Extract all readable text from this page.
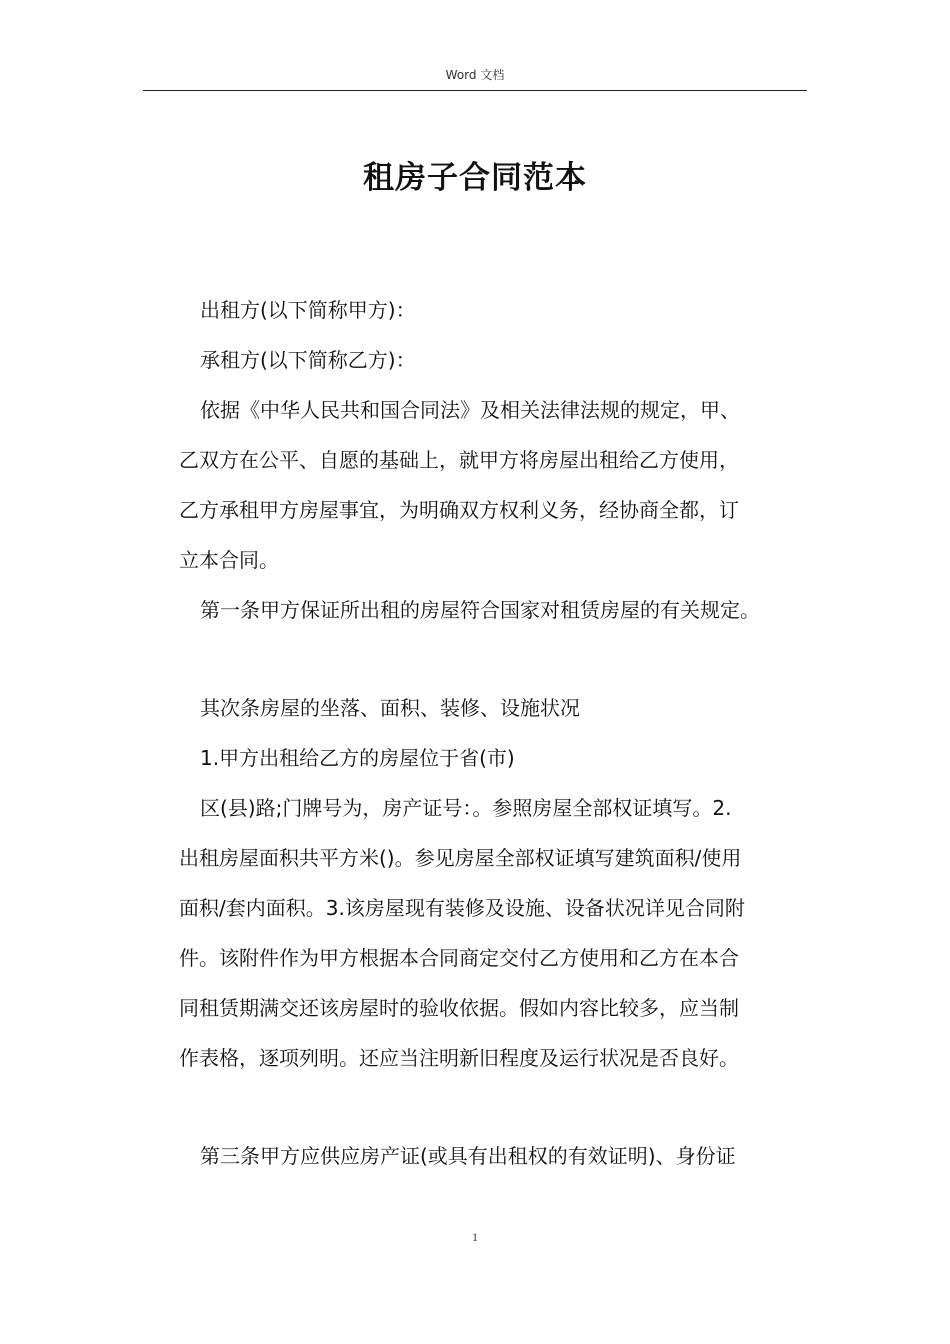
Word 文档
租房子合同范本
出租方(以下简称甲方)：
承租方(以下简称乙方)：
依据《中华人民共和国合同法》及相关法律法规的规定，甲、
乙双方在公平、自愿的基础上，就甲方将房屋出租给乙方使用，
乙方承租甲方房屋事宜，为明确双方权利义务，经协商全都，订
立本合同。
第一条甲方保证所出租的房屋符合国家对租赁房屋的有关规定。
其次条房屋的坐落、面积、装修、设施状况
1.甲方出租给乙方的房屋位于省(市)
区(县)路;门牌号为，房产证号：。参照房屋全部权证填写。2.
出租房屋面积共平方米()。参见房屋全部权证填写建筑面积/使用
面积/套内面积。3.该房屋现有装修及设施、设备状况详见合同附
件。该附件作为甲方根据本合同商定交付乙方使用和乙方在本合
同租赁期满交还该房屋时的验收依据。假如内容比较多，应当制
作表格，逐项列明。还应当注明新旧程度及运行状况是否良好。
第三条甲方应供应房产证(或具有出租权的有效证明)、身份证
1
